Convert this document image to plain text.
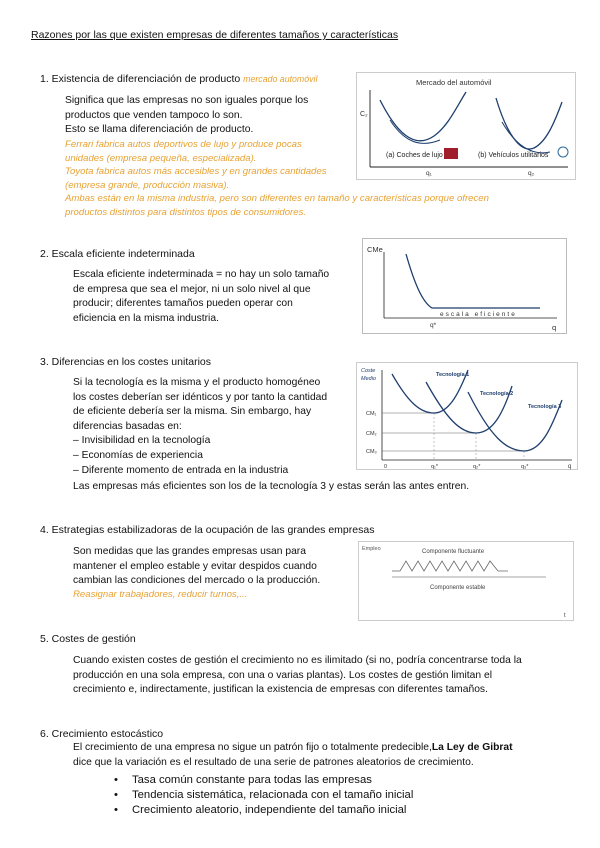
Razones por las que existen empresas de diferentes tamaños y características
1. Existencia de diferenciación de producto mercado automóvil
Significa que las empresas no son iguales porque los
productos que venden tampoco lo son.
Esto se llama diferenciación de producto.
Ferrari fabrica autos deportivos de lujo y produce pocas
unidades (empresa pequeña, especializada).
Toyota fabrica autos más accesibles y en grandes cantidades
(empresa grande, producción masiva).
Ambas están en la misma industria, pero son diferentes en tamaño y características porque ofrecen
productos distintos para distintos tipos de consumidores.
Mercado del automóvil
C₂
(a) Coches de lujo	(b) Vehículos utilitarios
q₁	q₂
2. Escala eficiente indeterminada
Escala eficiente indeterminada = no hay un solo tamaño
de empresa que sea el mejor, ni un solo nivel al que
producir; diferentes tamaños pueden operar con
eficiencia en la misma industria.
CMe
escala eficiente
q*	q
3. Diferencias en los costes unitarios
Si la tecnología es la misma y el producto homogéneo
los costes deberían ser idénticos y por tanto la cantidad
de eficiente debería ser la misma. Sin embargo, hay
diferencias basadas en:
– Invisibilidad en la tecnología
– Economías de experiencia
– Diferente momento de entrada en la industria
Las empresas más eficientes son los de la tecnología 3 y estas serán las antes entren.
Coste
Medio
Tecnología 1
Tecnología 2
Tecnología 3
CM₁
CM₂
CM₃
q₁*	q₂*	q₃*
0	q
4. Estrategias estabilizadoras de la ocupación de las grandes empresas
Son medidas que las grandes empresas usan para
mantener el empleo estable y evitar despidos cuando
cambian las condiciones del mercado o la producción.
Reasignar trabajadores, reducir turnos,...
Empleo	Componente fluctuante
Componente estable
t
5. Costes de gestión
Cuando existen costes de gestión el crecimiento no es ilimitado (si no, podría concentrarse toda la
producción en una sola empresa, con una o varias plantas). Los costes de gestión limitan el
crecimiento e, indirectamente, justifican la existencia de empresas con diferentes tamaños.
6. Crecimiento estocástico
El crecimiento de una empresa no sigue un patrón fijo o totalmente predecible,La Ley de Gibrat
dice que la variación es el resultado de una serie de patrones aleatorios de crecimiento.
• Tasa común constante para todas las empresas
• Tendencia sistemática, relacionada con el tamaño inicial
• Crecimiento aleatorio, independiente del tamaño inicial
